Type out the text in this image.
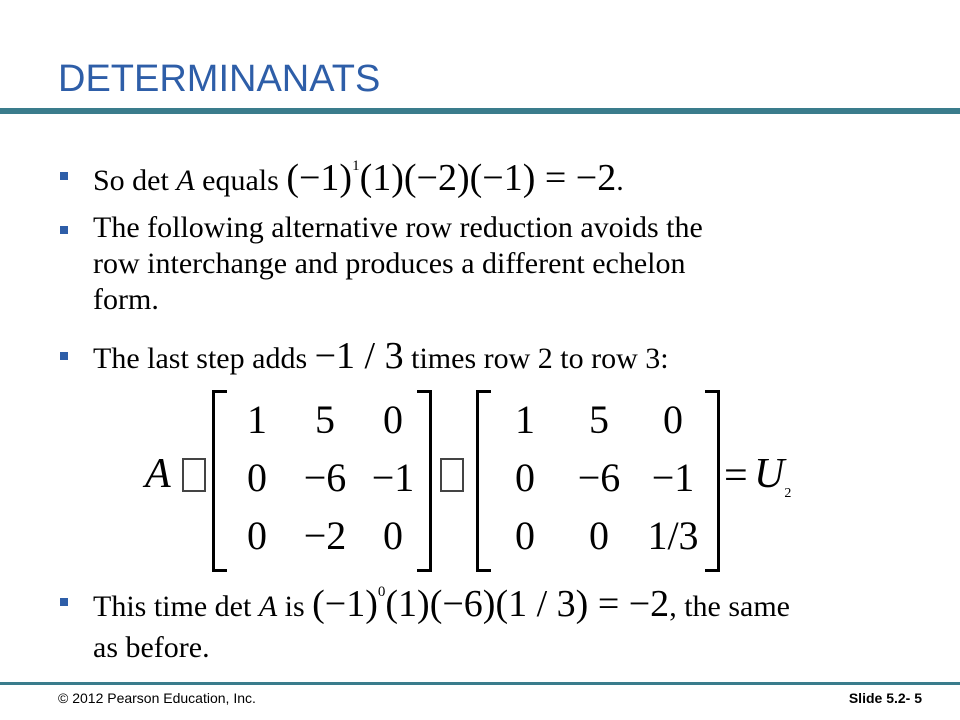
DETERMINANATS
So det A equals $(-1)^1(1)(-2)(-1) = -2$.
The following alternative row reduction avoids the
row interchange and produces a different echelon
form.
The last step adds −1 / 3 times row 2 to row 3:
A
1	5	0
0 −6 −1
0 −2 0
1	5	0
0	−6 −1
0	0 1/3
= $U_2$
This time det A is $(-1)^0(1)(-6)(1 / 3) = -2$, the same
as before.
© 2012 Pearson Education, Inc.	Slide 5.2- 5
